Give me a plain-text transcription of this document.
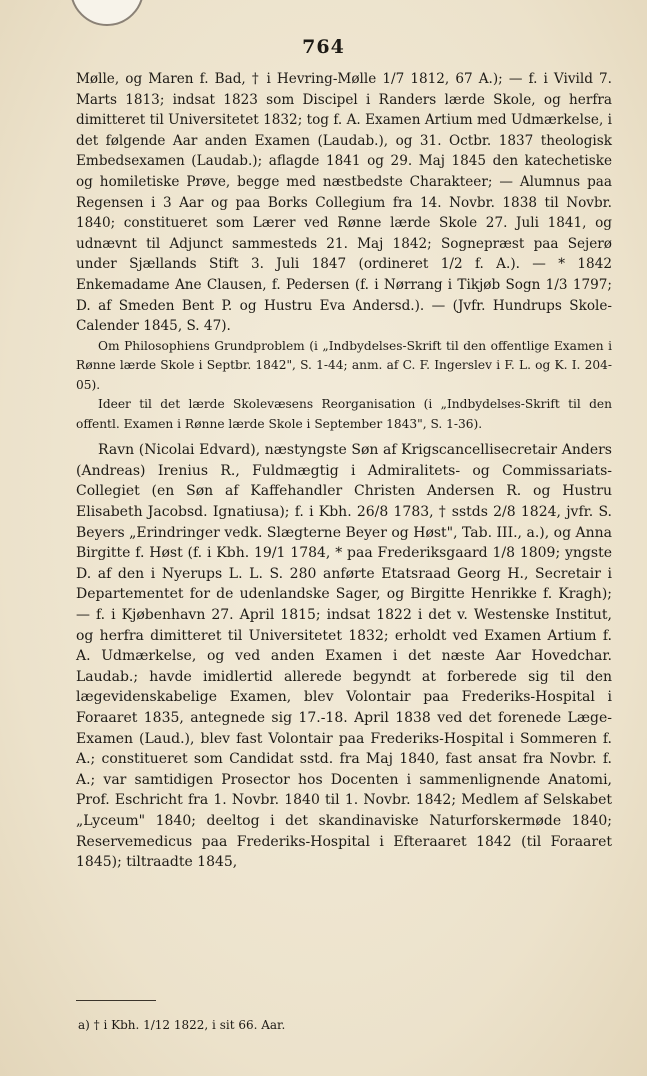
764

Mølle, og Maren f. Bad, † i Hevring-Mølle 1/7 1812, 67 A.); — f. i Vivild 7. Marts 1813; indsat 1823 som Discipel i Randers lærde Skole, og herfra dimitteret til Universitetet 1832; tog f. A. Examen Artium med Udmærkelse, i det følgende Aar anden Examen (Laudab.), og 31. Octbr. 1837 theologisk Embedsexamen (Laudab.); aflagde 1841 og 29. Maj 1845 den katechetiske og homiletiske Prøve, begge med næstbedste Charakteer; — Alumnus paa Regensen i 3 Aar og paa Borks Collegium fra 14. Novbr. 1838 til Novbr. 1840; constitueret som Lærer ved Rønne lærde Skole 27. Juli 1841, og udnævnt til Adjunct sammesteds 21. Maj 1842; Sognepræst paa Sejerø under Sjællands Stift 3. Juli 1847 (ordineret 1/2 f. A.). — * 1842 Enkemadame Ane Clausen, f. Pedersen (f. i Nørrang i Tikjøb Sogn 1/3 1797; D. af Smeden Bent P. og Hustru Eva Andersd.). — (Jvfr. Hundrups Skole-Calender 1845, S. 47).

Om Philosophiens Grundproblem (i „Indbydelses-Skrift til den offentlige Examen i Rønne lærde Skole i Septbr. 1842", S. 1-44; anm. af C. F. Ingerslev i F. L. og K. I. 204-05).

Ideer til det lærde Skolevæsens Reorganisation (i „Indbydelses-Skrift til den offentl. Examen i Rønne lærde Skole i September 1843", S. 1-36).

Ravn (Nicolai Edvard), næstyngste Søn af Krigscancellisecretair Anders (Andreas) Irenius R., Fuldmægtig i Admiralitets- og Commissariats-Collegiet (en Søn af Kaffehandler Christen Andersen R. og Hustru Elisabeth Jacobsd. Ignatiusa); f. i Kbh. 26/8 1783, † sstds 2/8 1824, jvfr. S. Beyers „Erindringer vedk. Slægterne Beyer og Høst", Tab. III., a.), og Anna Birgitte f. Høst (f. i Kbh. 19/1 1784, * paa Frederiksgaard 1/8 1809; yngste D. af den i Nyerups L. L. S. 280 anførte Etatsraad Georg H., Secretair i Departementet for de udenlandske Sager, og Birgitte Henrikke f. Kragh); — f. i Kjøbenhavn 27. April 1815; indsat 1822 i det v. Westenske Institut, og herfra dimitteret til Universitetet 1832; erholdt ved Examen Artium f. A. Udmærkelse, og ved anden Examen i det næste Aar Hovedchar. Laudab.; havde imidlertid allerede begyndt at forberede sig til den lægevidenskabelige Examen, blev Volontair paa Frederiks-Hospital i Foraaret 1835, antegnede sig 17.-18. April 1838 ved det forenede Læge-Examen (Laud.), blev fast Volontair paa Frederiks-Hospital i Sommeren f. A.; constitueret som Candidat sstd. fra Maj 1840, fast ansat fra Novbr. f. A.; var samtidigen Prosector hos Docenten i sammenlignende Anatomi, Prof. Eschricht fra 1. Novbr. 1840 til 1. Novbr. 1842; Medlem af Selskabet „Lyceum" 1840; deeltog i det skandinaviske Naturforskermøde 1840; Reservemedicus paa Frederiks-Hospital i Efteraaret 1842 (til Foraaret 1845); tiltraadte 1845,

a) † i Kbh. 1/12 1822, i sit 66. Aar.
